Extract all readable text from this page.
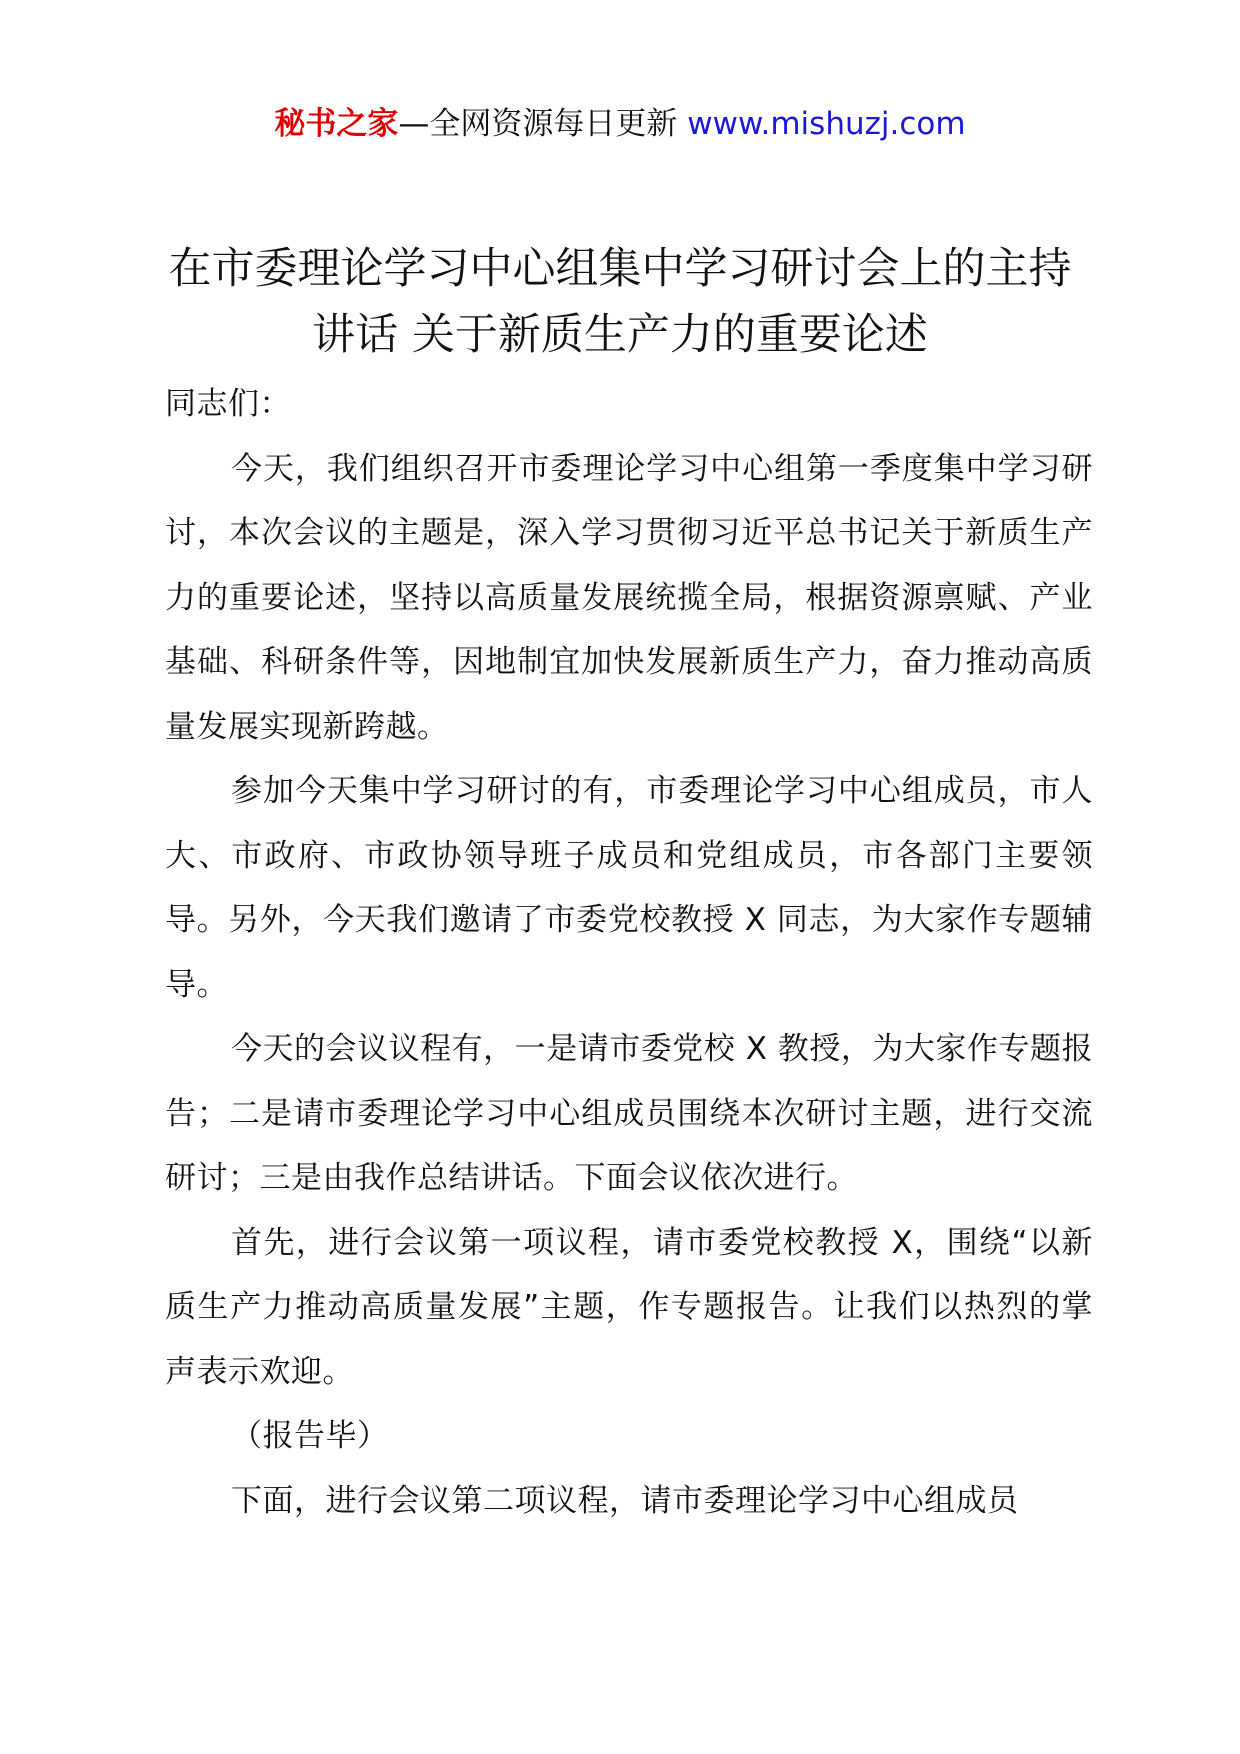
秘书之家—全网资源每日更新 www.mishuzj.com
在市委理论学习中心组集中学习研讨会上的主持讲话 关于新质生产力的重要论述

同志们：

今天，我们组织召开市委理论学习中心组第一季度集中学习研讨，本次会议的主题是，深入学习贯彻习近平总书记关于新质生产力的重要论述，坚持以高质量发展统揽全局，根据资源禀赋、产业基础、科研条件等，因地制宜加快发展新质生产力，奋力推动高质量发展实现新跨越。

参加今天集中学习研讨的有，市委理论学习中心组成员，市人大、市政府、市政协领导班子成员和党组成员，市各部门主要领导。另外，今天我们邀请了市委党校教授 X 同志，为大家作专题辅导。

今天的会议议程有，一是请市委党校 X 教授，为大家作专题报告；二是请市委理论学习中心组成员围绕本次研讨主题，进行交流研讨；三是由我作总结讲话。下面会议依次进行。

首先，进行会议第一项议程，请市委党校教授 X，围绕“以新质生产力推动高质量发展”主题，作专题报告。让我们以热烈的掌声表示欢迎。

（报告毕）

下面，进行会议第二项议程，请市委理论学习中心组成员
